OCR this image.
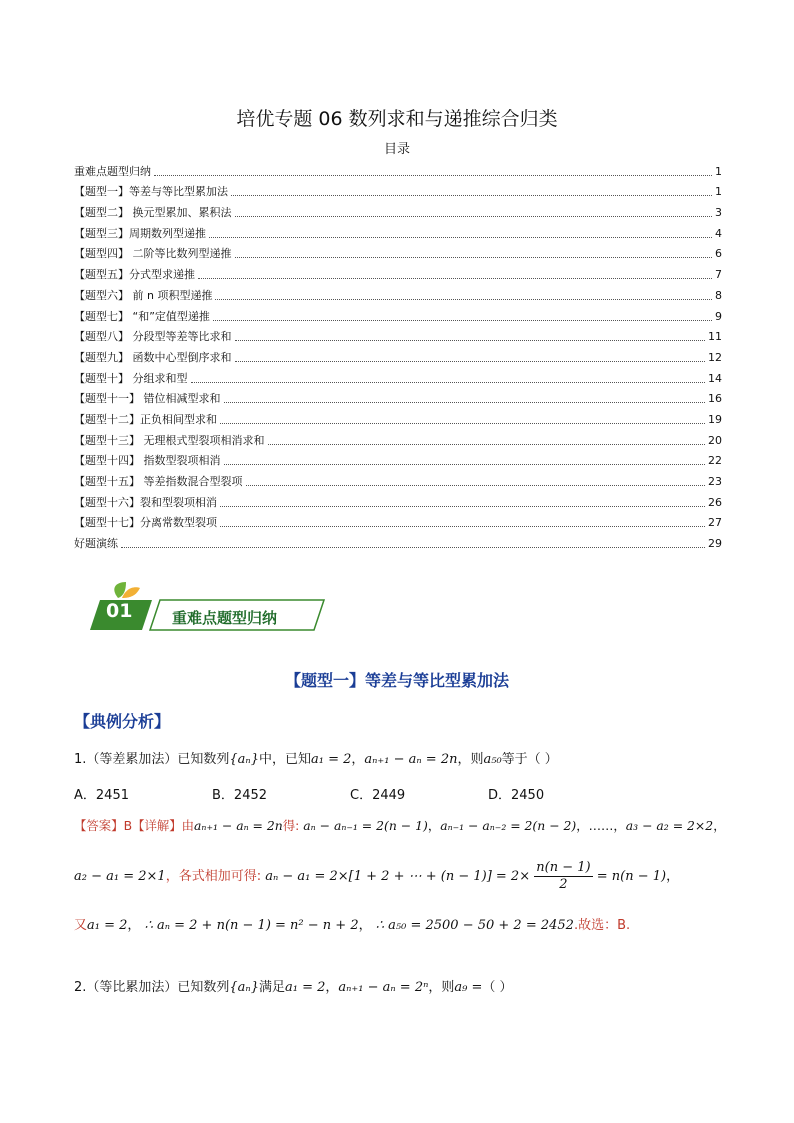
培优专题 06 数列求和与递推综合归类
目录
重难点题型归纳	1
【题型一】等差与等比型累加法	1
【题型二】 换元型累加、累积法	3
【题型三】周期数列型递推	4
【题型四】 二阶等比数列型递推	6
【题型五】分式型求递推	7
【题型六】 前 n 项积型递推	8
【题型七】 “和”定值型递推	9
【题型八】 分段型等差等比求和	11
【题型九】 函数中心型倒序求和	12
【题型十】 分组求和型	14
【题型十一】 错位相减型求和	16
【题型十二】正负相间型求和	19
【题型十三】 无理根式型裂项相消求和	20
【题型十四】 指数型裂项相消	22
【题型十五】 等差指数混合型裂项	23
【题型十六】裂和型裂项相消	26
【题型十七】分离常数型裂项	27
好题演练	29
01	重难点题型归纳
【题型一】等差与等比型累加法
【典例分析】
1.（等差累加法）已知数列{aₙ}中，已知a₁ = 2，aₙ₊₁ − aₙ = 2n，则a₅₀等于（ ）
A．2451	B．2452	C．2449	D．2450
【答案】B【详解】由aₙ₊₁ − aₙ = 2n得: aₙ − aₙ₋₁ = 2(n − 1)，aₙ₋₁ − aₙ₋₂ = 2(n − 2)，……，a₃ − a₂ = 2×2，
a₂ − a₁ = 2×1，各式相加可得: aₙ − a₁ = 2×[1 + 2 + ⋯ + $(n - 1)] = 2\times \frac{n(n - 1)}{2} = n(n - 1)$，
又a₁ = 2， ∴ aₙ = 2 + n(n − 1) = n² − n + 2， ∴ a₅₀ = 2500 − 50 + 2 = 2452.故选：B.
2.（等比累加法）已知数列{aₙ}满足a₁ = 2，aₙ₊₁ − aₙ = 2ⁿ，则a₉ =（ ）
